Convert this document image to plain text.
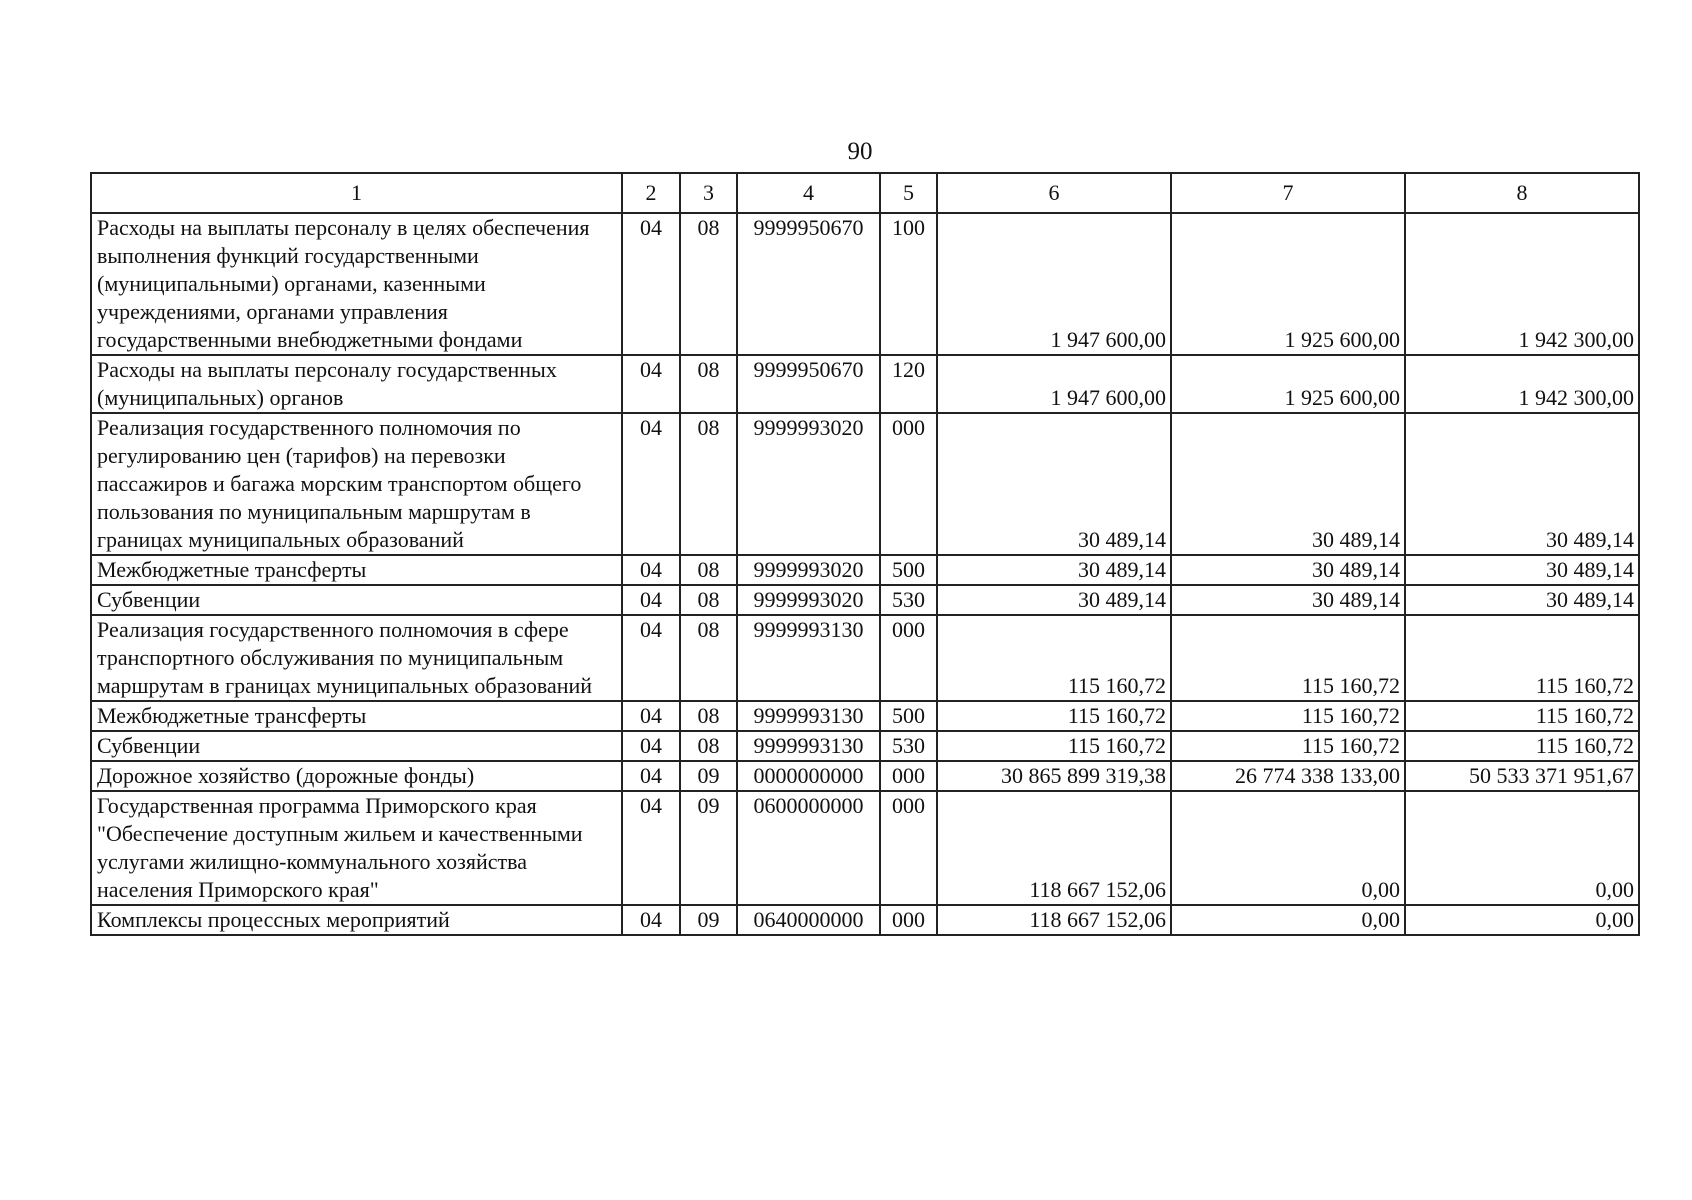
90
1	2	3	4	5	6	7	8
Расходы на выплаты персоналу в целях обеспечения выполнения функций государственными (муниципальными) органами, казенными учреждениями, органами управления государственными внебюджетными фондами	04	08	9999950670	100	1 947 600,00	1 925 600,00	1 942 300,00
Расходы на выплаты персоналу государственных (муниципальных) органов	04	08	9999950670	120	1 947 600,00	1 925 600,00	1 942 300,00
Реализация государственного полномочия по регулированию цен (тарифов) на перевозки пассажиров и багажа морским транспортом общего пользования по муниципальным маршрутам в границах муниципальных образований	04	08	9999993020	000	30 489,14	30 489,14	30 489,14
Межбюджетные трансферты	04	08	9999993020	500	30 489,14	30 489,14	30 489,14
Субвенции	04	08	9999993020	530	30 489,14	30 489,14	30 489,14
Реализация государственного полномочия в сфере транспортного обслуживания по муниципальным маршрутам в границах муниципальных образований	04	08	9999993130	000	115 160,72	115 160,72	115 160,72
Межбюджетные трансферты	04	08	9999993130	500	115 160,72	115 160,72	115 160,72
Субвенции	04	08	9999993130	530	115 160,72	115 160,72	115 160,72
Дорожное хозяйство (дорожные фонды)	04	09	0000000000	000	30 865 899 319,38	26 774 338 133,00	50 533 371 951,67
Государственная программа Приморского края "Обеспечение доступным жильем и качественными услугами жилищно-коммунального хозяйства населения Приморского края"	04	09	0600000000	000	118 667 152,06	0,00	0,00
Комплексы процессных мероприятий	04	09	0640000000	000	118 667 152,06	0,00	0,00
